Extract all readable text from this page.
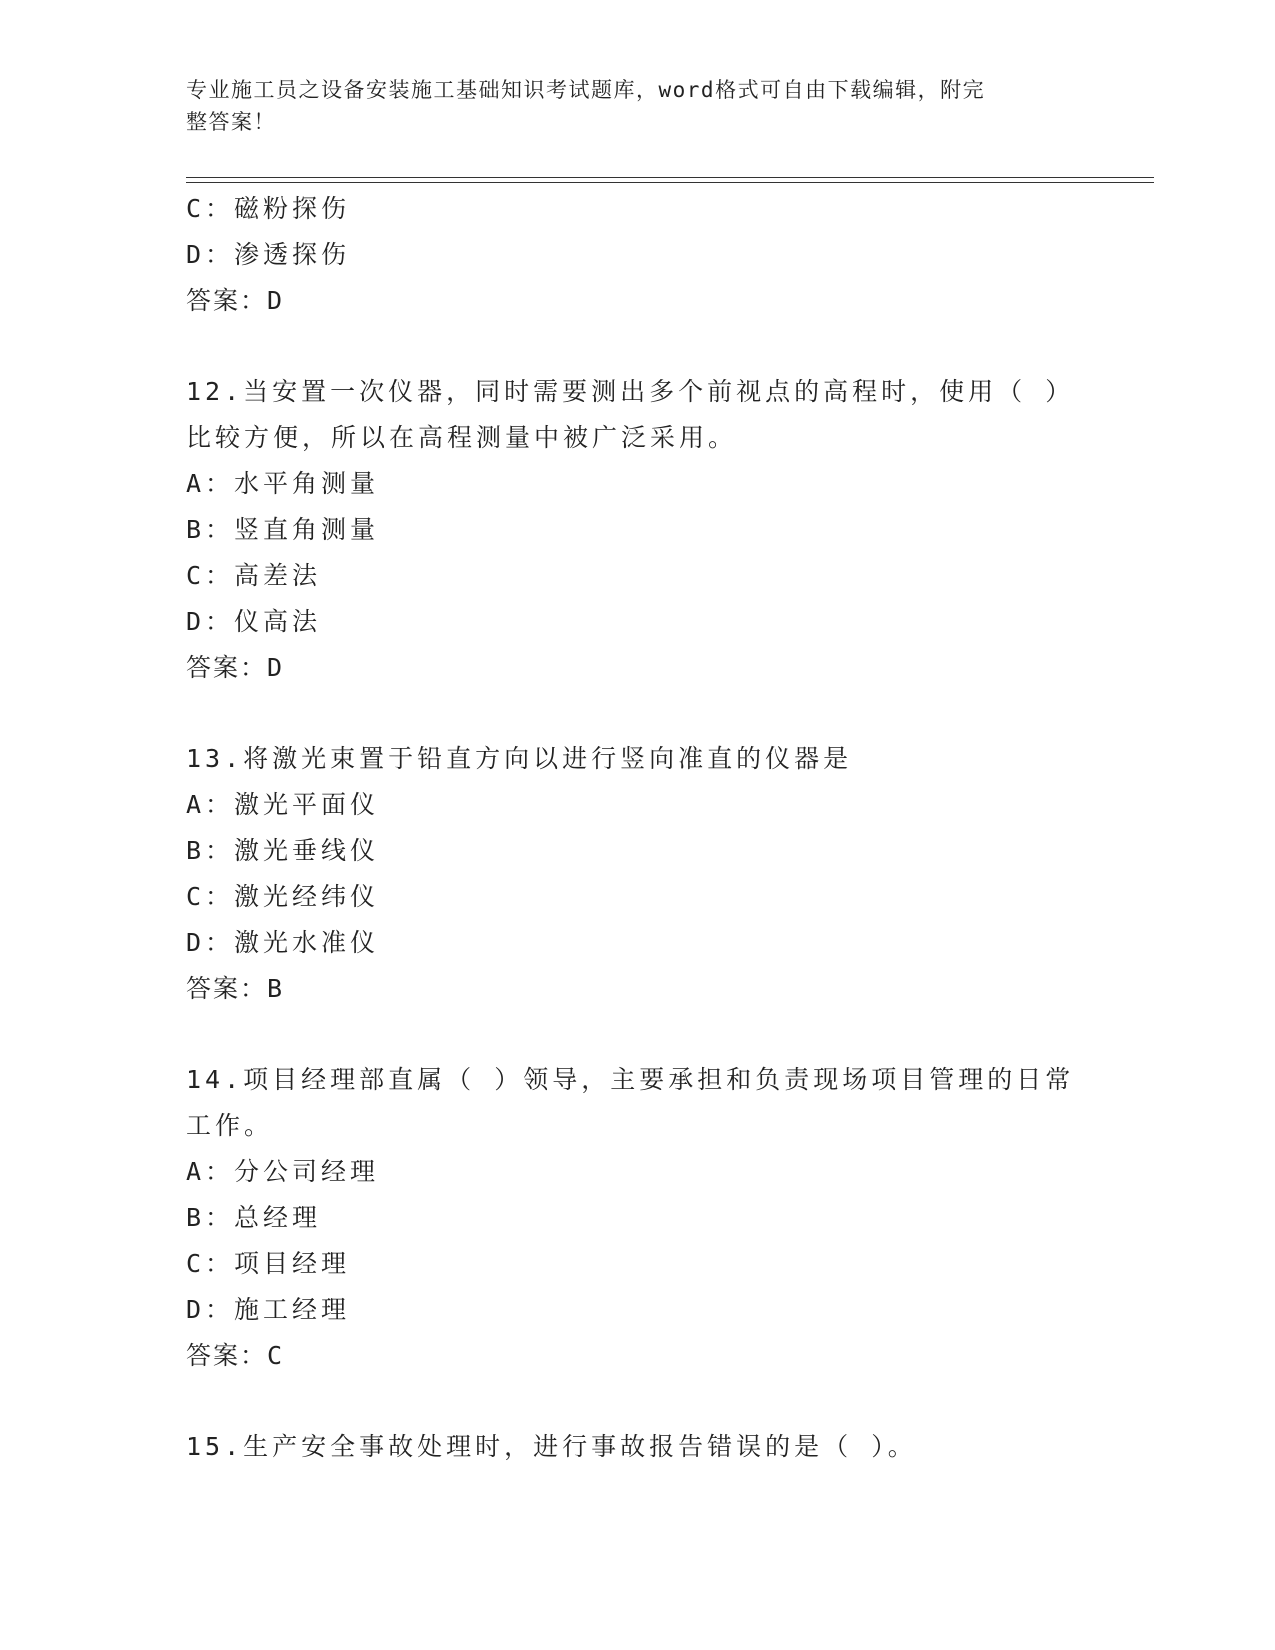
专业施工员之设备安装施工基础知识考试题库，word格式可自由下载编辑，附完
整答案！
C：磁粉探伤
D：渗透探伤
答案：D
12.当安置一次仪器，同时需要测出多个前视点的高程时，使用（ ）
比较方便，所以在高程测量中被广泛采用。
A：水平角测量
B：竖直角测量
C：高差法
D：仪高法
答案：D
13.将激光束置于铅直方向以进行竖向准直的仪器是
A：激光平面仪
B：激光垂线仪
C：激光经纬仪
D：激光水准仪
答案：B
14.项目经理部直属（ ）领导，主要承担和负责现场项目管理的日常
工作。
A：分公司经理
B：总经理
C：项目经理
D：施工经理
答案：C
15.生产安全事故处理时，进行事故报告错误的是（ ）。
